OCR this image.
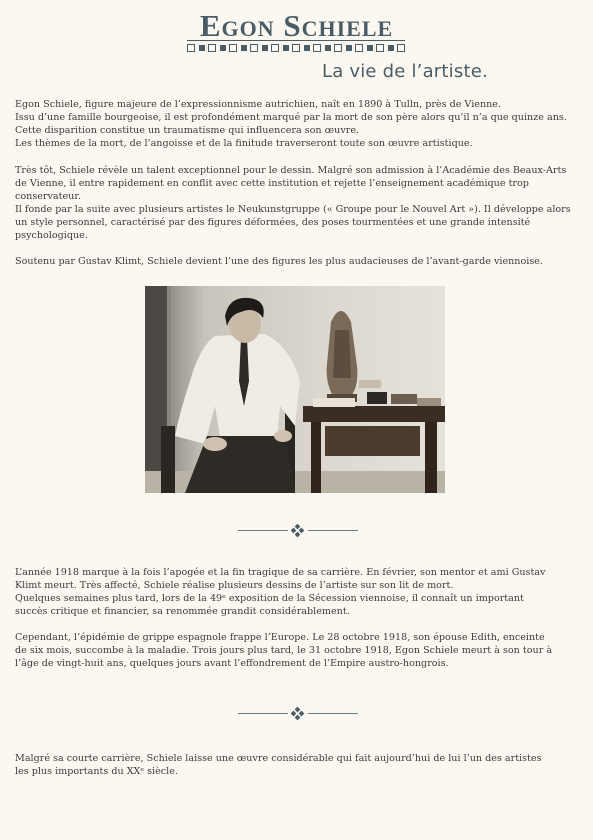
Egon Schiele
La vie de l’artiste.

Egon Schiele, figure majeure de l’expressionnisme autrichien, naît en 1890 à Tulln, près de Vienne.

Issu d’une famille bourgeoise, il est profondément marqué par la mort de son père alors qu’il n’a que quinze ans.

Cette disparition constitue un traumatisme qui influencera son œuvre.

Les thèmes de la mort, de l’angoisse et de la finitude traverseront toute son œuvre artistique.

Très tôt, Schiele révèle un talent exceptionnel pour le dessin. Malgré son admission à l’Académie des Beaux-Arts de Vienne, il entre rapidement en conflit avec cette institution et rejette l’enseignement académique trop conservateur.

Il fonde par la suite avec plusieurs artistes le Neukunstgruppe (« Groupe pour le Nouvel Art »). Il développe alors un style personnel, caractérisé par des figures déformées, des poses tourmentées et une grande intensité psychologique.

Soutenu par Gustav Klimt, Schiele devient l’une des figures les plus audacieuses de l’avant-garde viennoise.

L’année 1918 marque à la fois l’apogée et la fin tragique de sa carrière. En février, son mentor et ami Gustav

Klimt meurt. Très affecté, Schiele réalise plusieurs dessins de l’artiste sur son lit de mort.

Quelques semaines plus tard, lors de la 49ᵉ exposition de la Sécession viennoise, il connaît un important

succès critique et financier, sa renommée grandit considérablement.

Cependant, l’épidémie de grippe espagnole frappe l’Europe. Le 28 octobre 1918, son épouse Edith, enceinte

de six mois, succombe à la maladie. Trois jours plus tard, le 31 octobre 1918, Egon Schiele meurt à son tour à

l’âge de vingt-huit ans, quelques jours avant l’effondrement de l’Empire austro-hongrois.

Malgré sa courte carrière, Schiele laisse une œuvre considérable qui fait aujourd’hui de lui l’un des artistes

les plus importants du XXᵉ siècle.
